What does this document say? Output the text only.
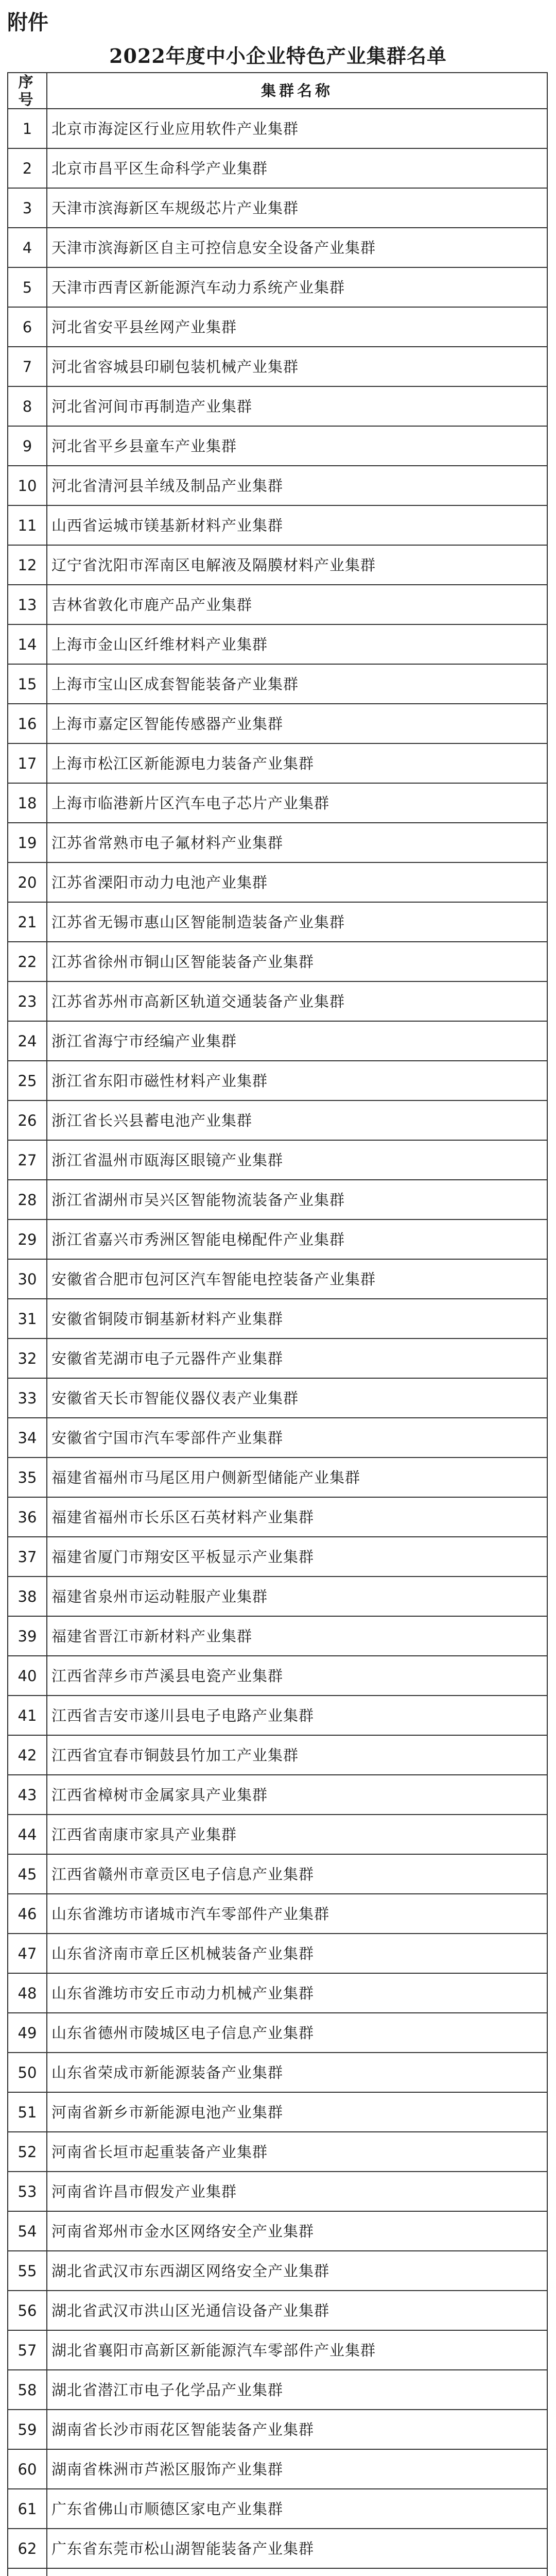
附件
2022年度中小企业特色产业集群名单
序号	集群名称
1	北京市海淀区行业应用软件产业集群
2	北京市昌平区生命科学产业集群
3	天津市滨海新区车规级芯片产业集群
4	天津市滨海新区自主可控信息安全设备产业集群
5	天津市西青区新能源汽车动力系统产业集群
6	河北省安平县丝网产业集群
7	河北省容城县印刷包装机械产业集群
8	河北省河间市再制造产业集群
9	河北省平乡县童车产业集群
10	河北省清河县羊绒及制品产业集群
11	山西省运城市镁基新材料产业集群
12	辽宁省沈阳市浑南区电解液及隔膜材料产业集群
13	吉林省敦化市鹿产品产业集群
14	上海市金山区纤维材料产业集群
15	上海市宝山区成套智能装备产业集群
16	上海市嘉定区智能传感器产业集群
17	上海市松江区新能源电力装备产业集群
18	上海市临港新片区汽车电子芯片产业集群
19	江苏省常熟市电子氟材料产业集群
20	江苏省溧阳市动力电池产业集群
21	江苏省无锡市惠山区智能制造装备产业集群
22	江苏省徐州市铜山区智能装备产业集群
23	江苏省苏州市高新区轨道交通装备产业集群
24	浙江省海宁市经编产业集群
25	浙江省东阳市磁性材料产业集群
26	浙江省长兴县蓄电池产业集群
27	浙江省温州市瓯海区眼镜产业集群
28	浙江省湖州市吴兴区智能物流装备产业集群
29	浙江省嘉兴市秀洲区智能电梯配件产业集群
30	安徽省合肥市包河区汽车智能电控装备产业集群
31	安徽省铜陵市铜基新材料产业集群
32	安徽省芜湖市电子元器件产业集群
33	安徽省天长市智能仪器仪表产业集群
34	安徽省宁国市汽车零部件产业集群
35	福建省福州市马尾区用户侧新型储能产业集群
36	福建省福州市长乐区石英材料产业集群
37	福建省厦门市翔安区平板显示产业集群
38	福建省泉州市运动鞋服产业集群
39	福建省晋江市新材料产业集群
40	江西省萍乡市芦溪县电瓷产业集群
41	江西省吉安市遂川县电子电路产业集群
42	江西省宜春市铜鼓县竹加工产业集群
43	江西省樟树市金属家具产业集群
44	江西省南康市家具产业集群
45	江西省赣州市章贡区电子信息产业集群
46	山东省潍坊市诸城市汽车零部件产业集群
47	山东省济南市章丘区机械装备产业集群
48	山东省潍坊市安丘市动力机械产业集群
49	山东省德州市陵城区电子信息产业集群
50	山东省荣成市新能源装备产业集群
51	河南省新乡市新能源电池产业集群
52	河南省长垣市起重装备产业集群
53	河南省许昌市假发产业集群
54	河南省郑州市金水区网络安全产业集群
55	湖北省武汉市东西湖区网络安全产业集群
56	湖北省武汉市洪山区光通信设备产业集群
57	湖北省襄阳市高新区新能源汽车零部件产业集群
58	湖北省潜江市电子化学品产业集群
59	湖南省长沙市雨花区智能装备产业集群
60	湖南省株洲市芦淞区服饰产业集群
61	广东省佛山市顺德区家电产业集群
62	广东省东莞市松山湖智能装备产业集群
